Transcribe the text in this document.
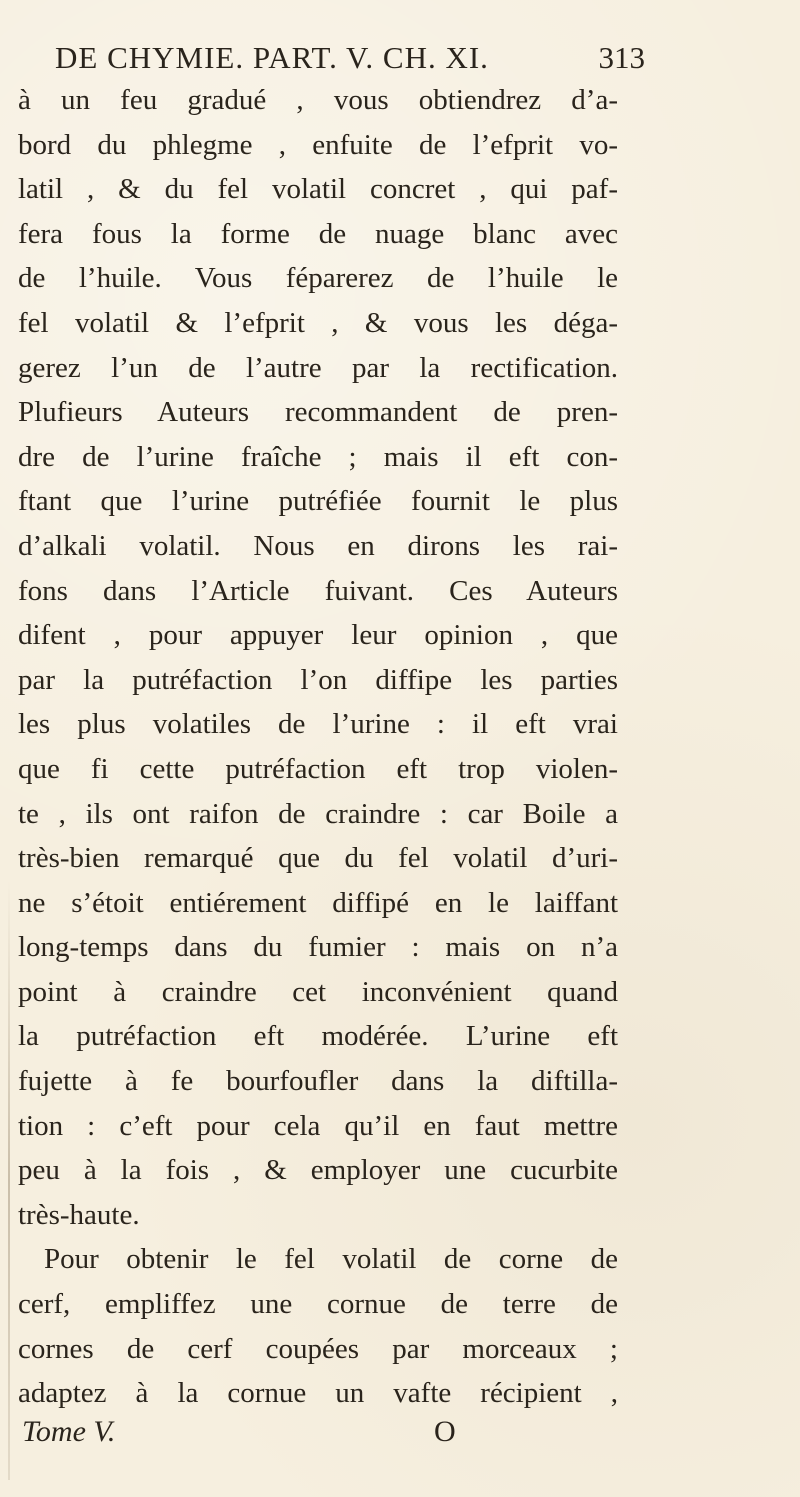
DE CHYMIE. PART. V. CH. XI.	313
à un feu gradué , vous obtiendrez d’a-
bord du phlegme , enfuite de l’efprit vo-
latil , & du fel volatil concret , qui paf-
fera fous la forme de nuage blanc avec
de l’huile. Vous féparerez de l’huile le
fel volatil & l’efprit , & vous les déga-
gerez l’un de l’autre par la rectification.
Plufieurs Auteurs recommandent de pren-
dre de l’urine fraîche ; mais il eft con-
ftant que l’urine putréfiée fournit le plus
d’alkali volatil. Nous en dirons les rai-
fons dans l’Article fuivant. Ces Auteurs
difent , pour appuyer leur opinion , que
par la putréfaction l’on diffipe les parties
les plus volatiles de l’urine : il eft vrai
que fi cette putréfaction eft trop violen-
te , ils ont raifon de craindre : car Boile a
très-bien remarqué que du fel volatil d’uri-
ne s’étoit entiérement diffipé en le laiffant
long-temps dans du fumier : mais on n’a
point à craindre cet inconvénient quand
la putréfaction eft modérée. L’urine eft
fujette à fe bourfoufler dans la diftilla-
tion : c’eft pour cela qu’il en faut mettre
peu à la fois , & employer une cucurbite
très-haute.
Pour obtenir le fel volatil de corne de
cerf, empliffez une cornue de terre de
cornes de cerf coupées par morceaux ;
adaptez à la cornue un vafte récipient ,
Tome V.	O
